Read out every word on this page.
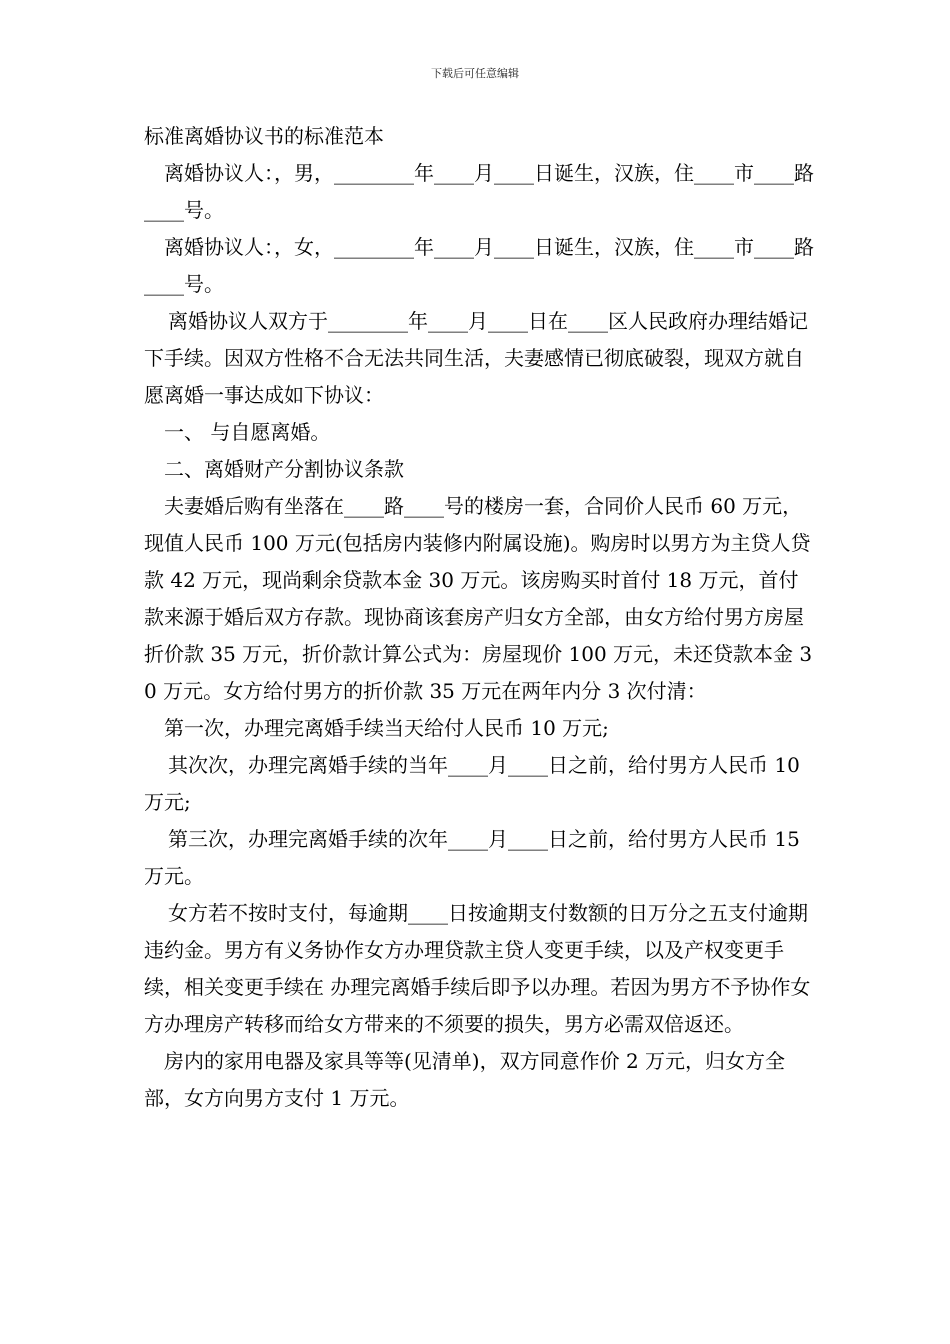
下载后可任意编辑
标准离婚协议书的标准范本
离婚协议人：，男，________年____月____日诞生，汉族，住____市____路____号。
离婚协议人：，女，________年____月____日诞生，汉族，住____市____路____号。
离婚协议人双方于________年____月____日在____区人民政府办理结婚记下手续。因双方性格不合无法共同生活，夫妻感情已彻底破裂，现双方就自愿离婚一事达成如下协议：
一、 与自愿离婚。
二、离婚财产分割协议条款
夫妻婚后购有坐落在____路____号的楼房一套，合同价人民币 60 万元，现值人民币 100 万元(包括房内装修内附属设施)。购房时以男方为主贷人贷款 42 万元，现尚剩余贷款本金 30 万元。该房购买时首付 18 万元，首付款来源于婚后双方存款。现协商该套房产归女方全部，由女方给付男方房屋折价款 35 万元，折价款计算公式为：房屋现价 100 万元，未还贷款本金 30 万元。女方给付男方的折价款 35 万元在两年内分 3 次付清：
第一次，办理完离婚手续当天给付人民币 10 万元;
其次次，办理完离婚手续的当年____月____日之前，给付男方人民币 10 万元;
第三次，办理完离婚手续的次年____月____日之前，给付男方人民币 15 万元。
女方若不按时支付，每逾期____日按逾期支付数额的日万分之五支付逾期违约金。男方有义务协作女方办理贷款主贷人变更手续，以及产权变更手续，相关变更手续在 办理完离婚手续后即予以办理。若因为男方不予协作女方办理房产转移而给女方带来的不须要的损失，男方必需双倍返还。
房内的家用电器及家具等等(见清单)，双方同意作价 2 万元，归女方全部，女方向男方支付 1 万元。
